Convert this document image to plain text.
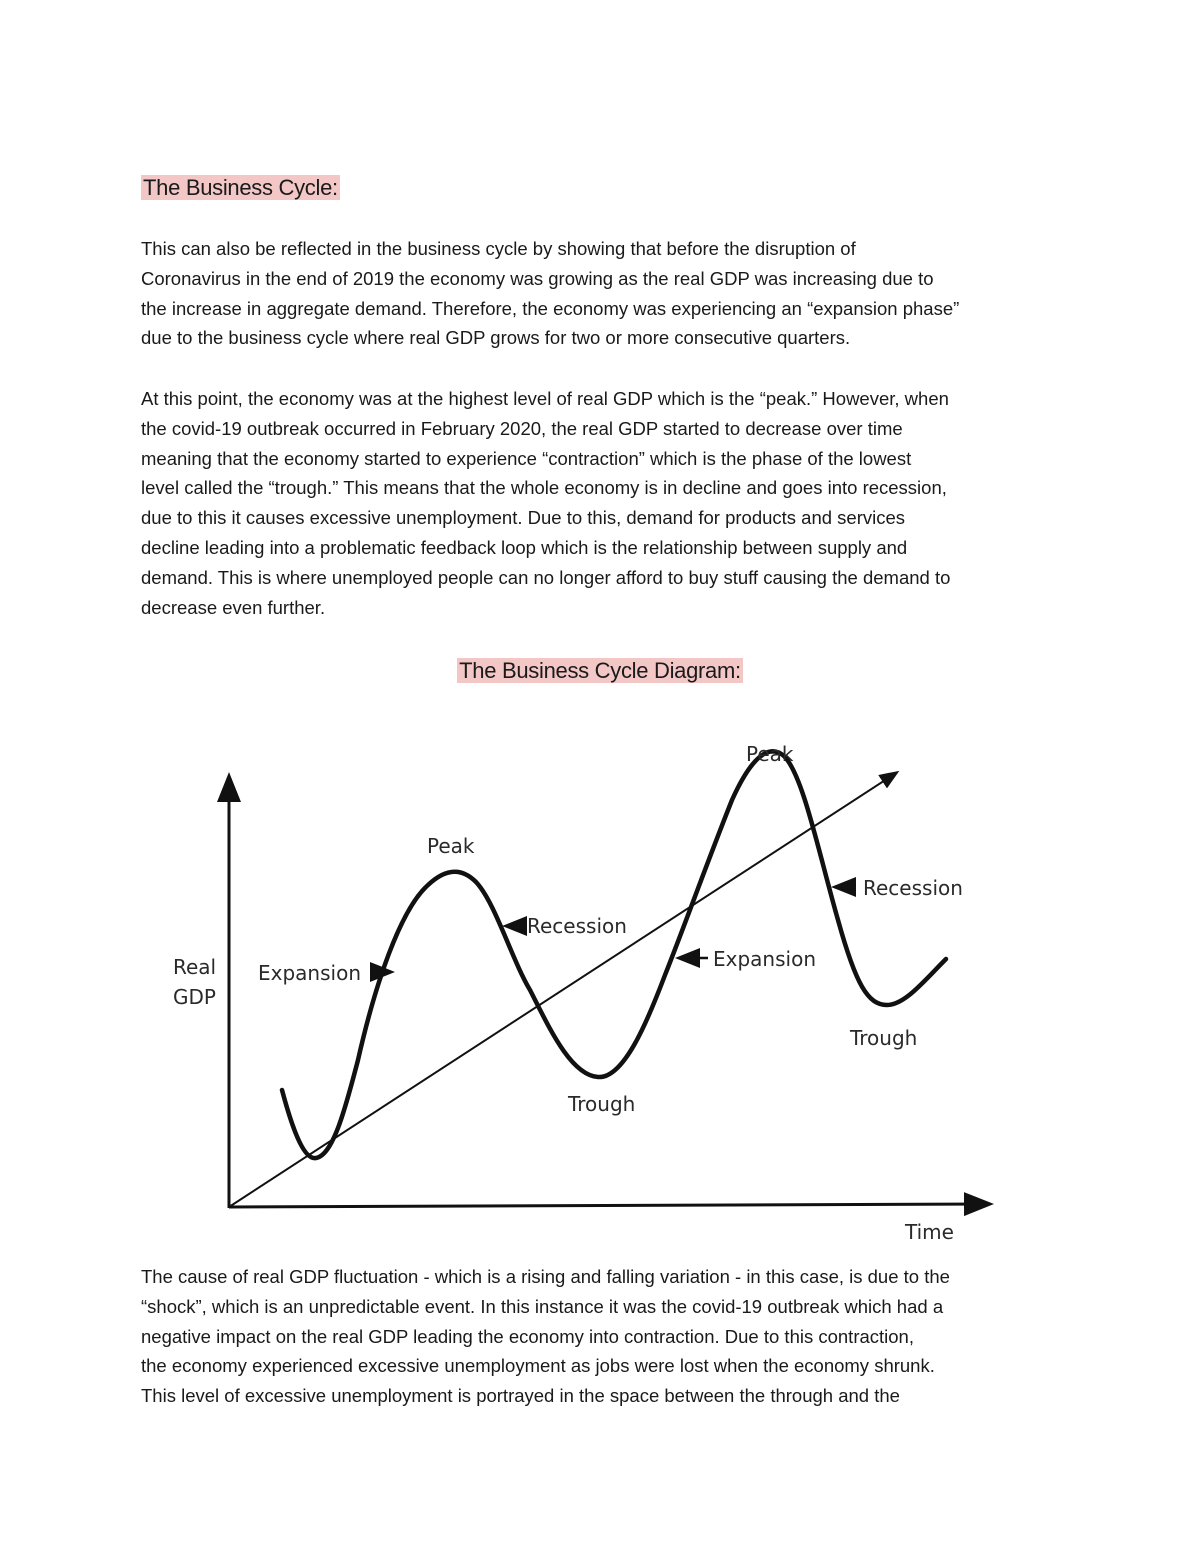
The Business Cycle:
This can also be reflected in the business cycle by showing that before the disruption of
Coronavirus in the end of 2019 the economy was growing as the real GDP was increasing due to
the increase in aggregate demand. Therefore, the economy was experiencing an “expansion phase”
due to the business cycle where real GDP grows for two or more consecutive quarters.
At this point, the economy was at the highest level of real GDP which is the “peak.” However, when
the covid-19 outbreak occurred in February 2020, the real GDP started to decrease over time
meaning that the economy started to experience “contraction” which is the phase of the lowest
level called the “trough.” This means that the whole economy is in decline and goes into recession,
due to this it causes excessive unemployment. Due to this, demand for products and services
decline leading into a problematic feedback loop which is the relationship between supply and
demand. This is where unemployed people can no longer afford to buy stuff causing the demand to
decrease even further.
The Business Cycle Diagram:
Real
GDP
Time
Peak
Peak
Expansion
Recession
Expansion
Recession
Trough
Trough
The cause of real GDP fluctuation - which is a rising and falling variation - in this case, is due to the
“shock”, which is an unpredictable event. In this instance it was the covid-19 outbreak which had a
negative impact on the real GDP leading the economy into contraction. Due to this contraction,
the economy experienced excessive unemployment as jobs were lost when the economy shrunk.
This level of excessive unemployment is portrayed in the space between the through and the
